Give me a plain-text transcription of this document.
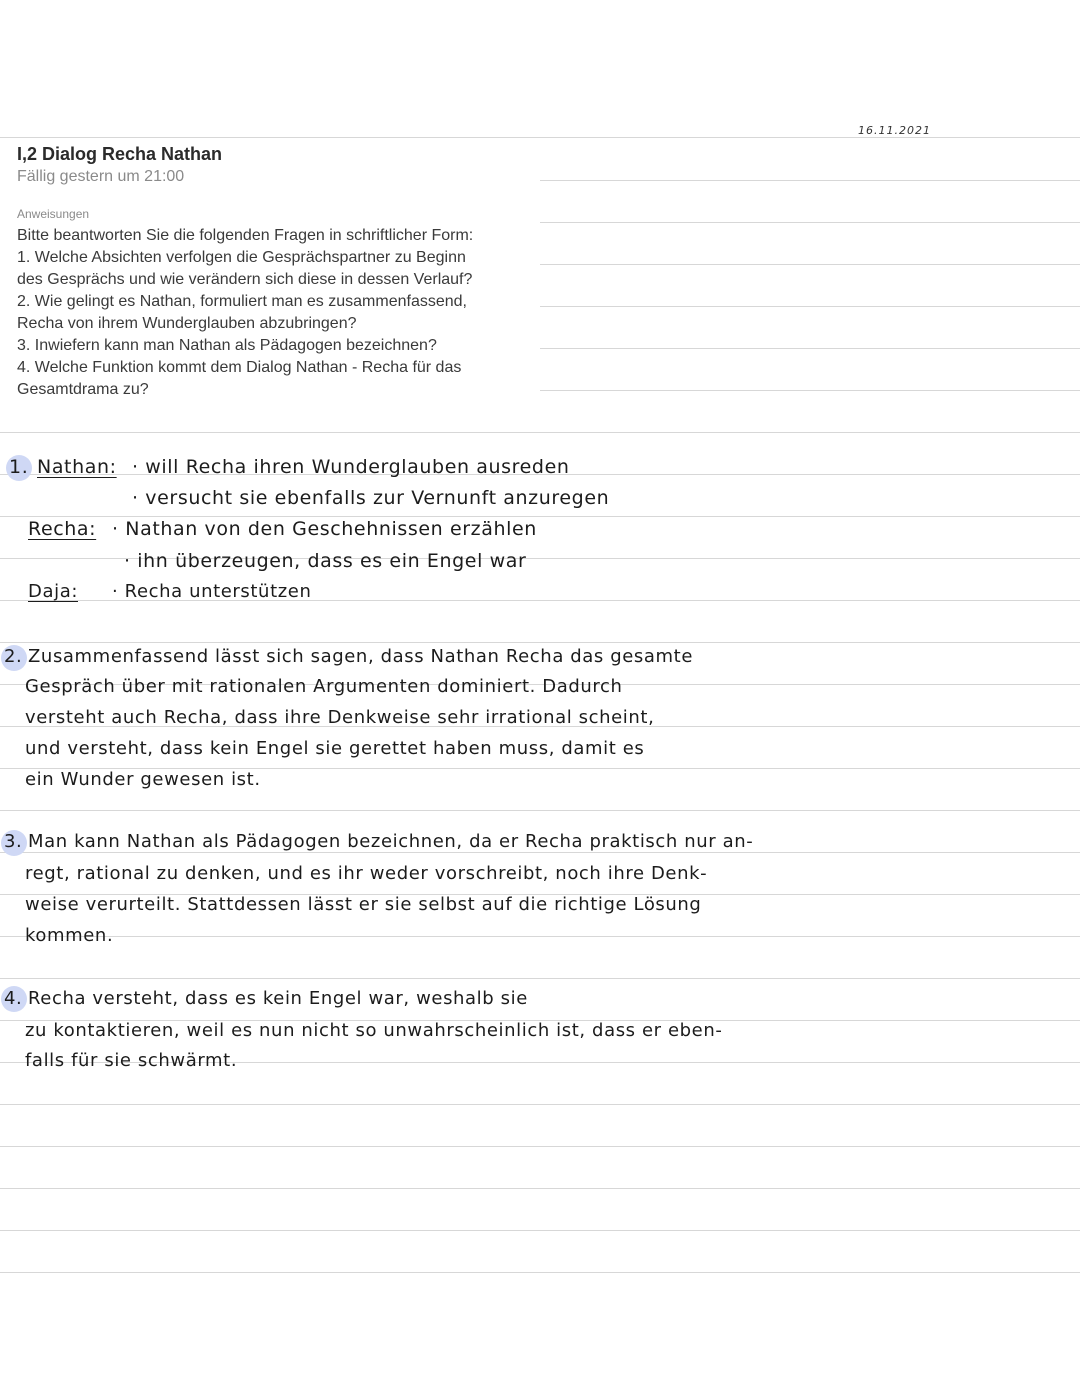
16.11.2021
I,2 Dialog Recha Nathan
Fällig gestern um 21:00
Anweisungen
Bitte beantworten Sie die folgenden Fragen in schriftlicher Form:
1. Welche Absichten verfolgen die Gesprächspartner zu Beginn
des Gesprächs und wie verändern sich diese in dessen Verlauf?
2. Wie gelingt es Nathan, formuliert man es zusammenfassend,
Recha von ihrem Wunderglauben abzubringen?
3. Inwiefern kann man Nathan als Pädagogen bezeichnen?
4. Welche Funktion kommt dem Dialog Nathan - Recha für das
Gesamtdrama zu?
1. Nathan: · will Recha ihren Wunderglauben ausreden
· versucht sie ebenfalls zur Vernunft anzuregen
Recha: · Nathan von den Geschehnissen erzählen
· ihn überzeugen, dass es ein Engel war
Daja: · Recha unterstützen
2. Zusammenfassend lässt sich sagen, dass Nathan Recha das gesamte
Gespräch über mit rationalen Argumenten dominiert. Dadurch
versteht auch Recha, dass ihre Denkweise sehr irrational scheint,
und versteht, dass kein Engel sie gerettet haben muss, damit es
ein Wunder gewesen ist.
3. Man kann Nathan als Pädagogen bezeichnen, da er Recha praktisch nur an-
regt, rational zu denken, und es ihr weder vorschreibt, noch ihre Denk-
weise verurteilt. Stattdessen lässt er sie selbst auf die richtige Lösung
kommen.
4. Recha versteht, dass es kein Engel war, weshalb sie
zu kontaktieren, weil es nun nicht so unwahrscheinlich ist, dass er eben-
falls für sie schwärmt.
